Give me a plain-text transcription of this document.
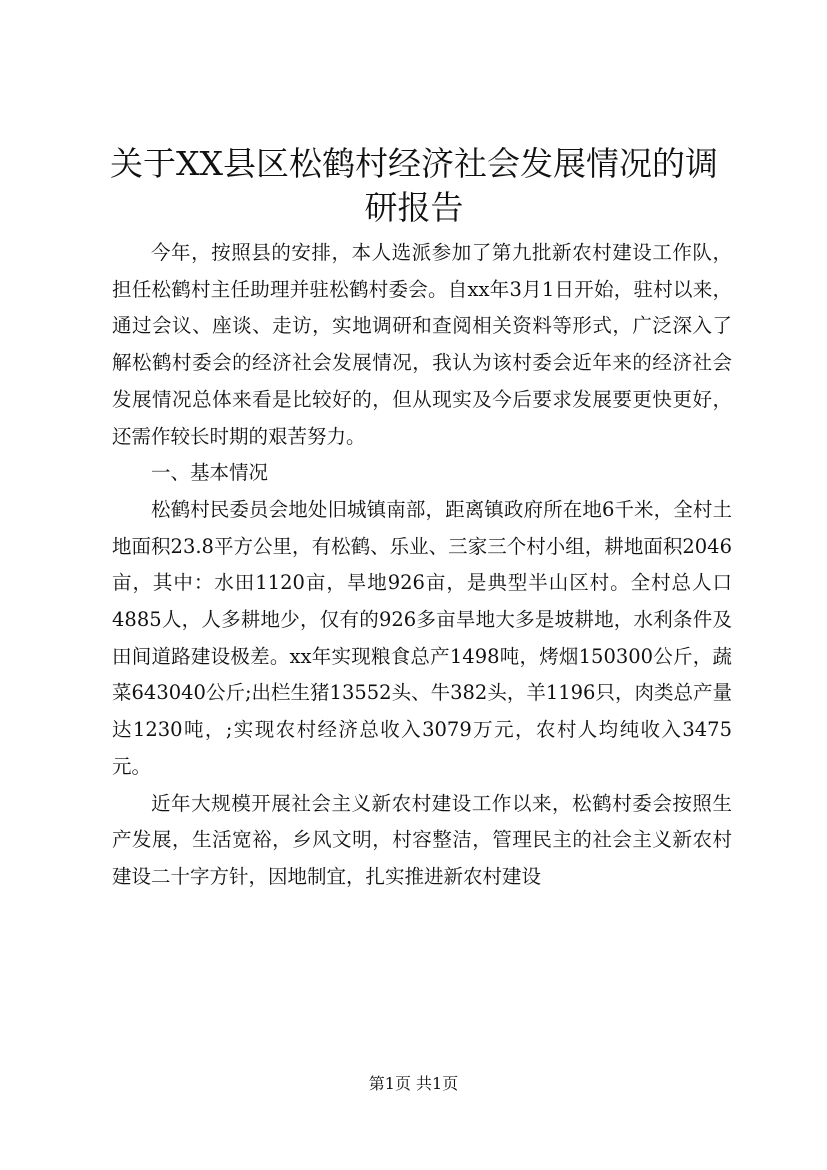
关于XX县区松鹤村经济社会发展情况的调研报告

今年，按照县的安排，本人选派参加了第九批新农村建设工作队，担任松鹤村主任助理并驻松鹤村委会。自xx年3月1日开始，驻村以来，通过会议、座谈、走访，实地调研和查阅相关资料等形式，广泛深入了解松鹤村委会的经济社会发展情况，我认为该村委会近年来的经济社会发展情况总体来看是比较好的，但从现实及今后要求发展要更快更好，还需作较长时期的艰苦努力。

一、基本情况

松鹤村民委员会地处旧城镇南部，距离镇政府所在地6千米，全村土地面积23.8平方公里，有松鹤、乐业、三家三个村小组，耕地面积2046亩，其中：水田1120亩，旱地926亩，是典型半山区村。全村总人口4885人，人多耕地少，仅有的926多亩旱地大多是坡耕地，水利条件及田间道路建设极差。xx年实现粮食总产1498吨，烤烟150300公斤，蔬菜643040公斤;出栏生猪13552头、牛382头，羊1196只，肉类总产量达1230吨，;实现农村经济总收入3079万元，农村人均纯收入3475元。

近年大规模开展社会主义新农村建设工作以来，松鹤村委会按照生产发展，生活宽裕，乡风文明，村容整洁，管理民主的社会主义新农村建设二十字方针，因地制宜，扎实推进新农村建设

第1页 共1页
